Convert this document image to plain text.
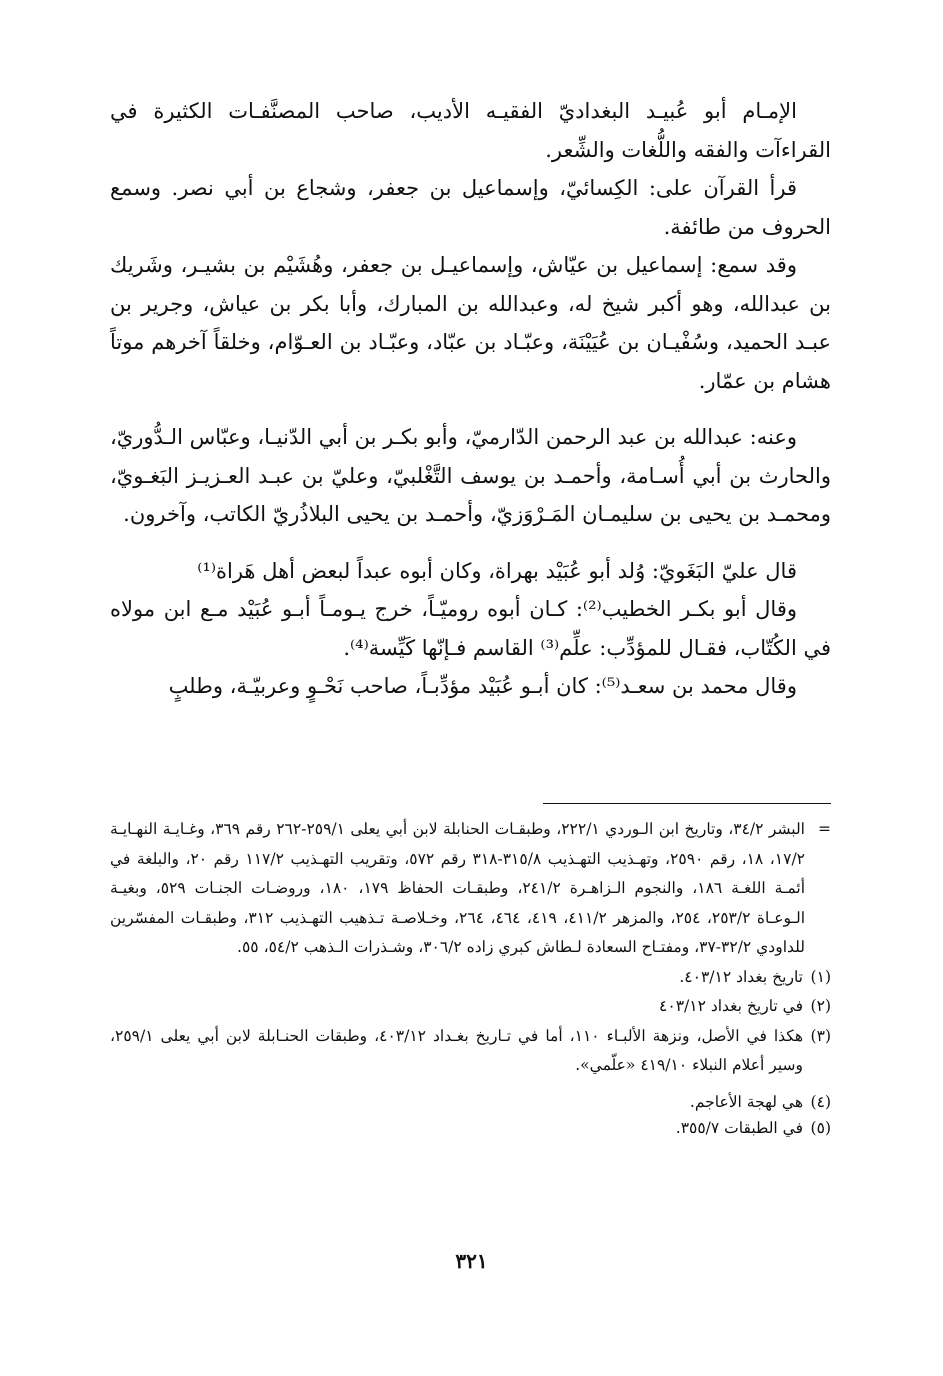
الإمـام أبو عُبيـد البغداديّ الفقيـه الأديب، صاحب المصنَّفـات الكثيرة في القراءآت والفقه واللُّغات والشِّعر.

قرأ القرآن على: الكِسائيّ، وإسماعيل بن جعفر، وشجاع بن أبي نصر. وسمع الحروف من طائفة.

وقد سمع: إسماعيل بن عيّاش، وإسماعيـل بن جعفر، وهُشَيْم بن بشيـر، وشَريك بن عبدالله، وهو أكبر شيخ له، وعبدالله بن المبارك، وأبا بكر بن عياش، وجرير بن عبـد الحميد، وسُفْيـان بن عُيَيْنَة، وعبّـاد بن عبّاد، وعبّـاد بن العـوّام، وخلقاً آخرهم موتاً هشام بن عمّار.

وعنه: عبدالله بن عبد الرحمن الدّارميّ، وأبو بكـر بن أبي الدّنيـا، وعبّاس الـدُّوريّ، والحارث بن أبي أُسـامة، وأحمـد بن يوسف التَّغْلبيّ، وعليّ بن عبـد العـزيـز البَغـويّ، ومحمـد بن يحيى بن سليمـان المَـرْوَزيّ، وأحمـد بن يحيى البلاذُريّ الكاتب، وآخرون.

قال عليّ البَغَويّ: وُلد أبو عُبَيْد بهراة، وكان أبوه عبداً لبعض أهل هَراة⁽¹⁾

وقال أبو بكـر الخطيب⁽²⁾: كـان أبوه روميّـاً، خرج يـومـاً أبـو عُبَيْد مـع ابن مولاه في الكُتّاب، فقـال للمؤدِّب: علِّم⁽³⁾ القاسم فـإنّها كَيِّسة⁽⁴⁾.

وقال محمد بن سعـد⁽⁵⁾: كان أبـو عُبَيْد مؤدِّبـاً، صاحب نَحْـوٍ وعربيّـة، وطلبٍ

=
البشر ٣٤/٢، وتاريخ ابن الـوردي ٢٢٢/١، وطبقـات الحنابلة لابن أبي يعلى ٢٥٩/١-٢٦٢ رقم ٣٦٩، وغـايـة النهـايـة ١٧/٢، ١٨، رقم ٢٥٩٠، وتهـذيب التهـذيب ٣١٥/٨-٣١٨ رقم ٥٧٢، وتقريب التهـذيب ١١٧/٢ رقم ٢٠، والبلغة في أئمـة اللغـة ١٨٦، والنجوم الـزاهـرة ٢٤١/٢، وطبقـات الحفاظ ١٧٩، ١٨٠، وروضـات الجنـات ٥٢٩، وبغيـة الـوعـاة ٢٥٣/٢، ٢٥٤، والمزهر ٤١١/٢، ٤١٩، ٤٦٤، ٢٦٤، وخـلاصـة تـذهيب التهـذيب ٣١٢، وطبقـات المفسّرين للداودي ٣٢/٢-٣٧، ومفتـاح السعادة لـطاش كبري زاده ٣٠٦/٢، وشـذرات الـذهب ٥٤/٢، ٥٥.
(١)
تاريخ بغداد ٤٠٣/١٢.
(٢)
في تاريخ بغداد ٤٠٣/١٢
(٣)
هكذا في الأصل، ونزهة الألبـاء ١١٠، أما في تـاريخ بغـداد ٤٠٣/١٢، وطبقات الحنـابلة لابن أبي يعلى ٢٥٩/١، وسير أعلام النبلاء ٤١٩/١٠ «علّمي».
(٤)
هي لهجة الأعاجم.
(٥)
في الطبقات ٣٥٥/٧.
٣٢١
